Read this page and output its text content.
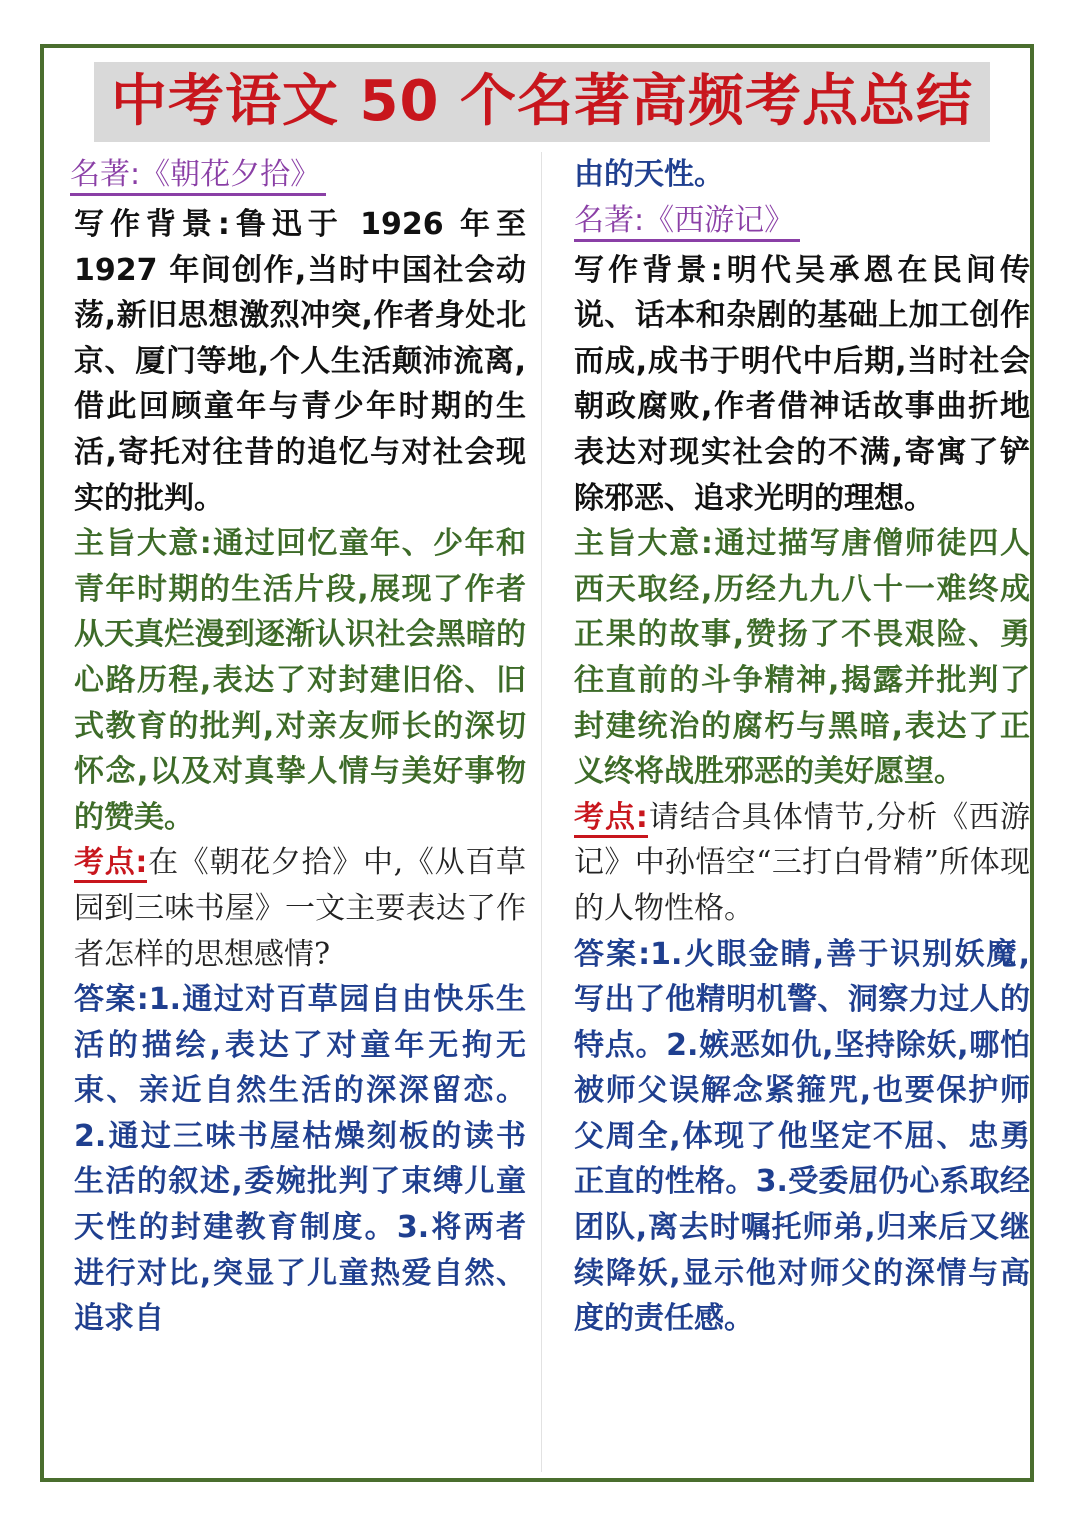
中考语文 50 个名著高频考点总结
名著:《朝花夕拾》

写作背景:鲁迅于 1926 年至 1927 年间创作,当时中国社会动荡,新旧思想激烈冲突,作者身处北京、厦门等地,个人生活颠沛流离,借此回顾童年与青少年时期的生活,寄托对往昔的追忆与对社会现实的批判。

主旨大意:通过回忆童年、少年和青年时期的生活片段,展现了作者从天真烂漫到逐渐认识社会黑暗的心路历程,表达了对封建旧俗、旧式教育的批判,对亲友师长的深切怀念,以及对真挚人情与美好事物的赞美。

考点:在《朝花夕拾》中,《从百草园到三味书屋》一文主要表达了作者怎样的思想感情?

答案:1.通过对百草园自由快乐生活的描绘,表达了对童年无拘无束、亲近自然生活的深深留恋。2.通过三味书屋枯燥刻板的读书生活的叙述,委婉批判了束缚儿童天性的封建教育制度。3.将两者进行对比,突显了儿童热爱自然、追求自

由的天性。

名著:《西游记》

写作背景:明代吴承恩在民间传说、话本和杂剧的基础上加工创作而成,成书于明代中后期,当时社会朝政腐败,作者借神话故事曲折地表达对现实社会的不满,寄寓了铲除邪恶、追求光明的理想。

主旨大意:通过描写唐僧师徒四人西天取经,历经九九八十一难终成正果的故事,赞扬了不畏艰险、勇往直前的斗争精神,揭露并批判了封建统治的腐朽与黑暗,表达了正义终将战胜邪恶的美好愿望。

考点:请结合具体情节,分析《西游记》中孙悟空“三打白骨精”所体现的人物性格。

答案:1.火眼金睛,善于识别妖魔,写出了他精明机警、洞察力过人的特点。2.嫉恶如仇,坚持除妖,哪怕被师父误解念紧箍咒,也要保护师父周全,体现了他坚定不屈、忠勇正直的性格。3.受委屈仍心系取经团队,离去时嘱托师弟,归来后又继续降妖,显示他对师父的深情与高度的责任感。
